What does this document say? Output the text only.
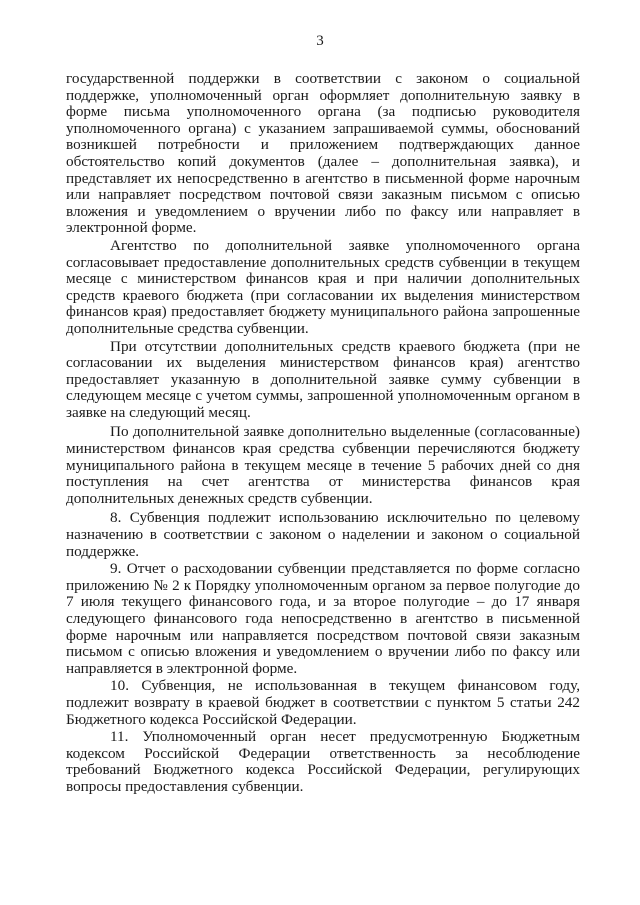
3

государственной поддержки в соответствии с законом о социальной поддержке, уполномоченный орган оформляет дополнительную заявку в форме письма уполномоченного органа (за подписью руководителя уполномоченного органа) с указанием запрашиваемой суммы, обоснований возникшей потребности и приложением подтверждающих данное обстоятельство копий документов (далее – дополнительная заявка), и представляет их непосредственно в агентство в письменной форме нарочным или направляет посредством почтовой связи заказным письмом с описью вложения и уведомлением о вручении либо по факсу или направляет в электронной форме.

Агентство по дополнительной заявке уполномоченного органа согласовывает предоставление дополнительных средств субвенции в текущем месяце с министерством финансов края и при наличии дополнительных средств краевого бюджета (при согласовании их выделения министерством финансов края) предоставляет бюджету муниципального района запрошенные дополнительные средства субвенции.

При отсутствии дополнительных средств краевого бюджета (при не согласовании их выделения министерством финансов края) агентство предоставляет указанную в дополнительной заявке сумму субвенции в следующем месяце с учетом суммы, запрошенной уполномоченным органом в заявке на следующий месяц.

По дополнительной заявке дополнительно выделенные (согласованные) министерством финансов края средства субвенции перечисляются бюджету муниципального района в текущем месяце в течение 5 рабочих дней со дня поступления на счет агентства от министерства финансов края дополнительных денежных средств субвенции.

8. Субвенция подлежит использованию исключительно по целевому назначению в соответствии с законом о наделении и законом о социальной поддержке.

9. Отчет о расходовании субвенции представляется по форме согласно приложению № 2 к Порядку уполномоченным органом за первое полугодие до 7 июля текущего финансового года, и за второе полугодие – до 17 января следующего финансового года непосредственно в агентство в письменной форме нарочным или направляется посредством почтовой связи заказным письмом с описью вложения и уведомлением о вручении либо по факсу или направляется в электронной форме.

10. Субвенция, не использованная в текущем финансовом году, подлежит возврату в краевой бюджет в соответствии с пунктом 5 статьи 242 Бюджетного кодекса Российской Федерации.

11. Уполномоченный орган несет предусмотренную Бюджетным кодексом Российской Федерации ответственность за несоблюдение требований Бюджетного кодекса Российской Федерации, регулирующих вопросы предоставления субвенции.
